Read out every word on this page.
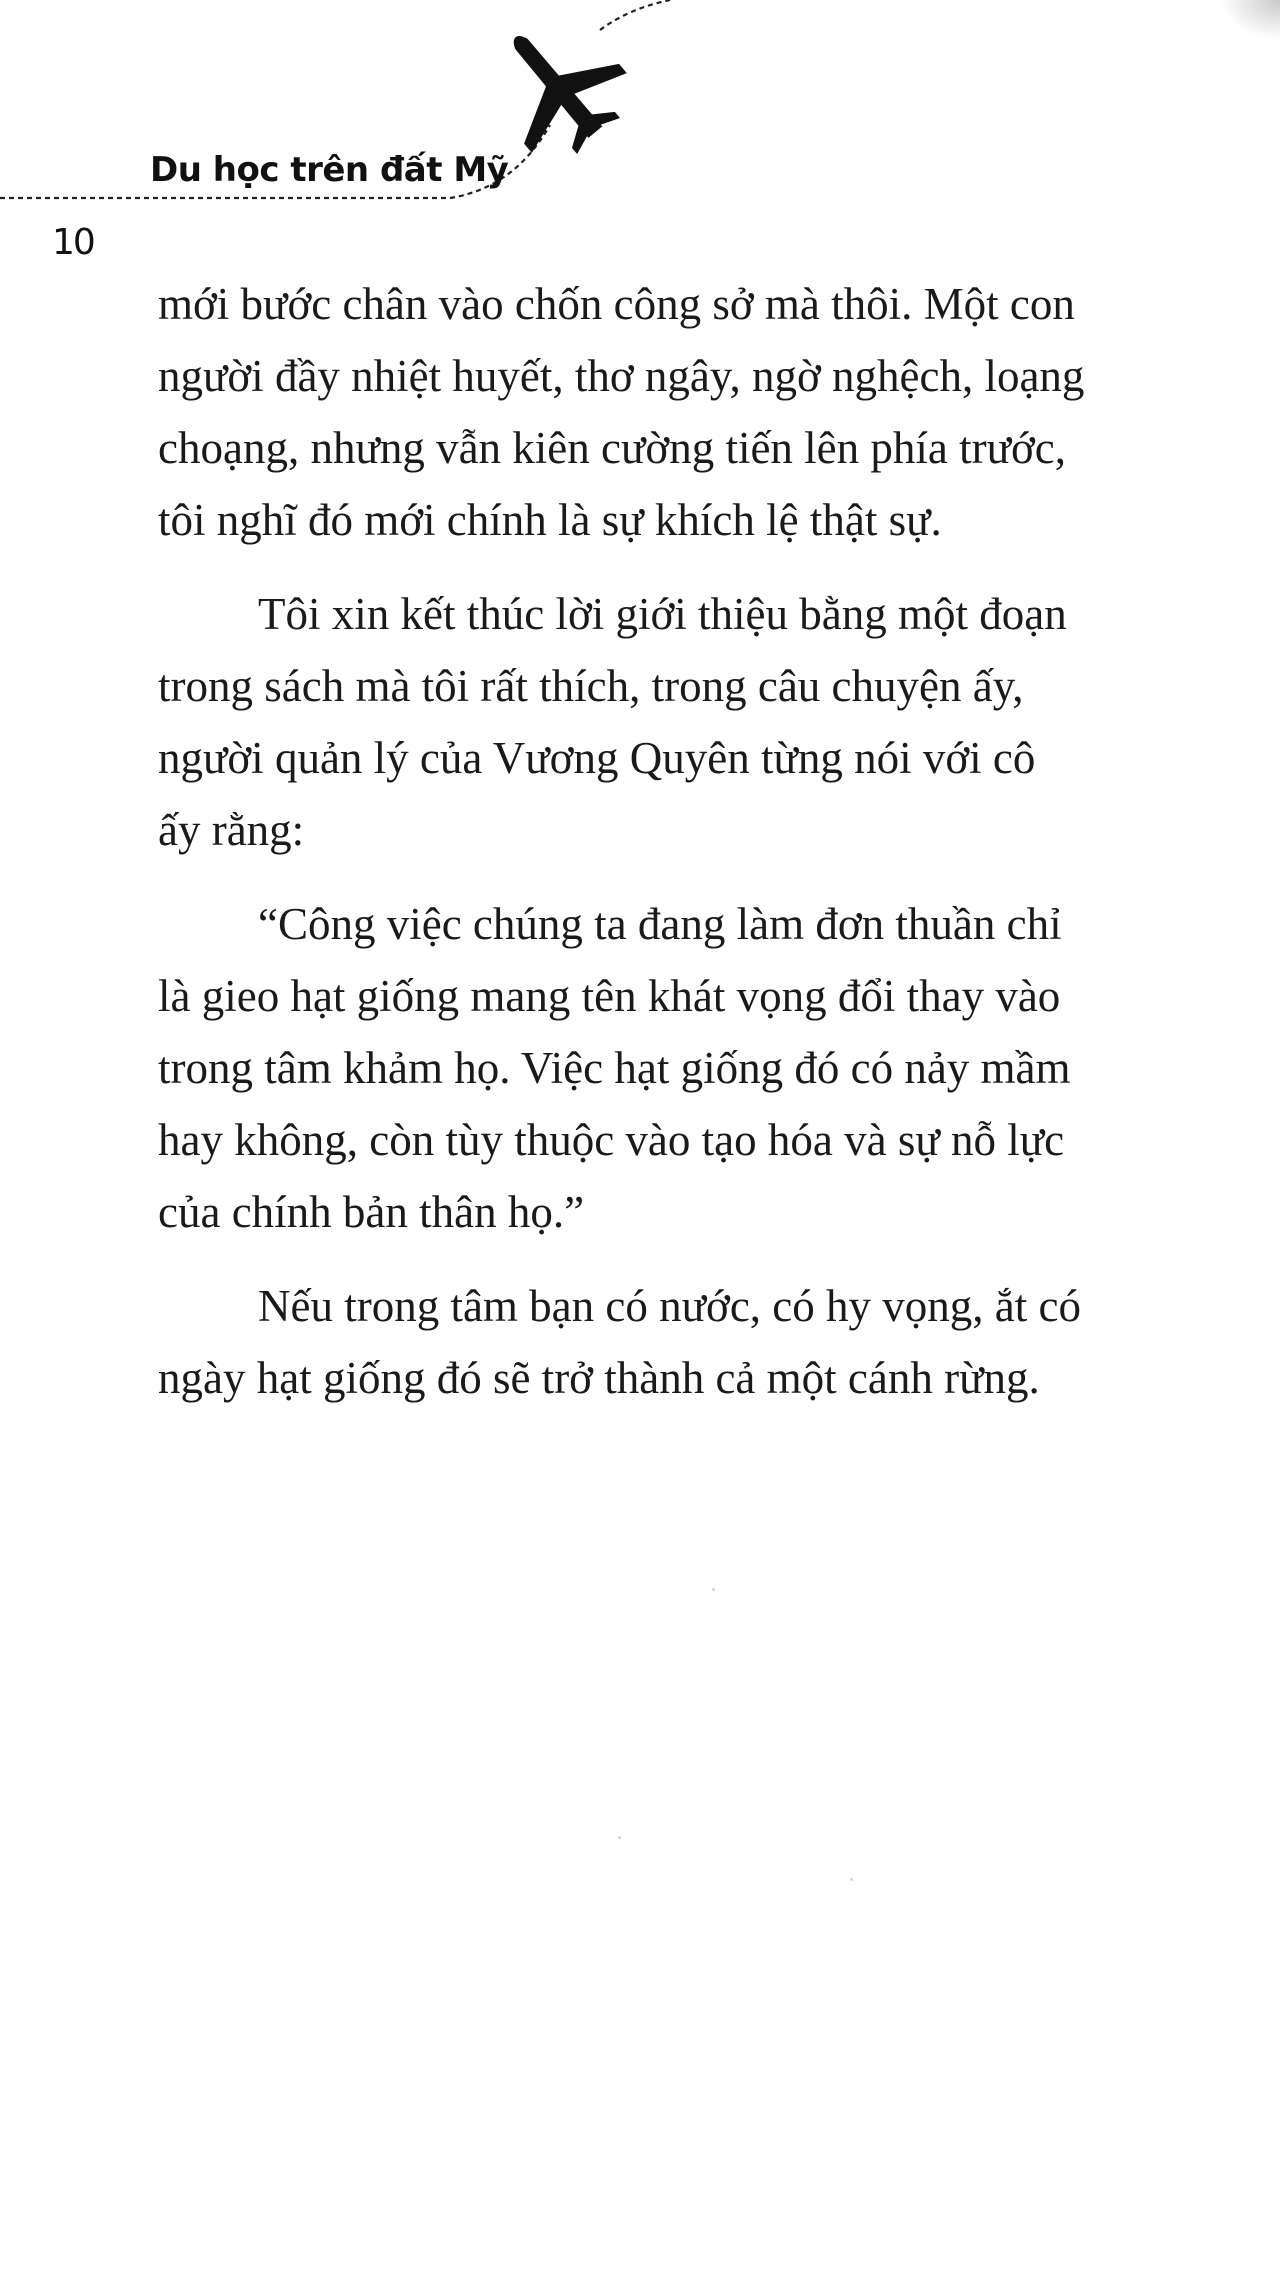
Du học trên đất Mỹ
10

mới bước chân vào chốn công sở mà thôi. Một con
người đầy nhiệt huyết, thơ ngây, ngờ nghệch, loạng
choạng, nhưng vẫn kiên cường tiến lên phía trước,
tôi nghĩ đó mới chính là sự khích lệ thật sự.

Tôi xin kết thúc lời giới thiệu bằng một đoạn
trong sách mà tôi rất thích, trong câu chuyện ấy,
người quản lý của Vương Quyên từng nói với cô
ấy rằng:

“Công việc chúng ta đang làm đơn thuần chỉ
là gieo hạt giống mang tên khát vọng đổi thay vào
trong tâm khảm họ. Việc hạt giống đó có nảy mầm
hay không, còn tùy thuộc vào tạo hóa và sự nỗ lực
của chính bản thân họ.”

Nếu trong tâm bạn có nước, có hy vọng, ắt có
ngày hạt giống đó sẽ trở thành cả một cánh rừng.
